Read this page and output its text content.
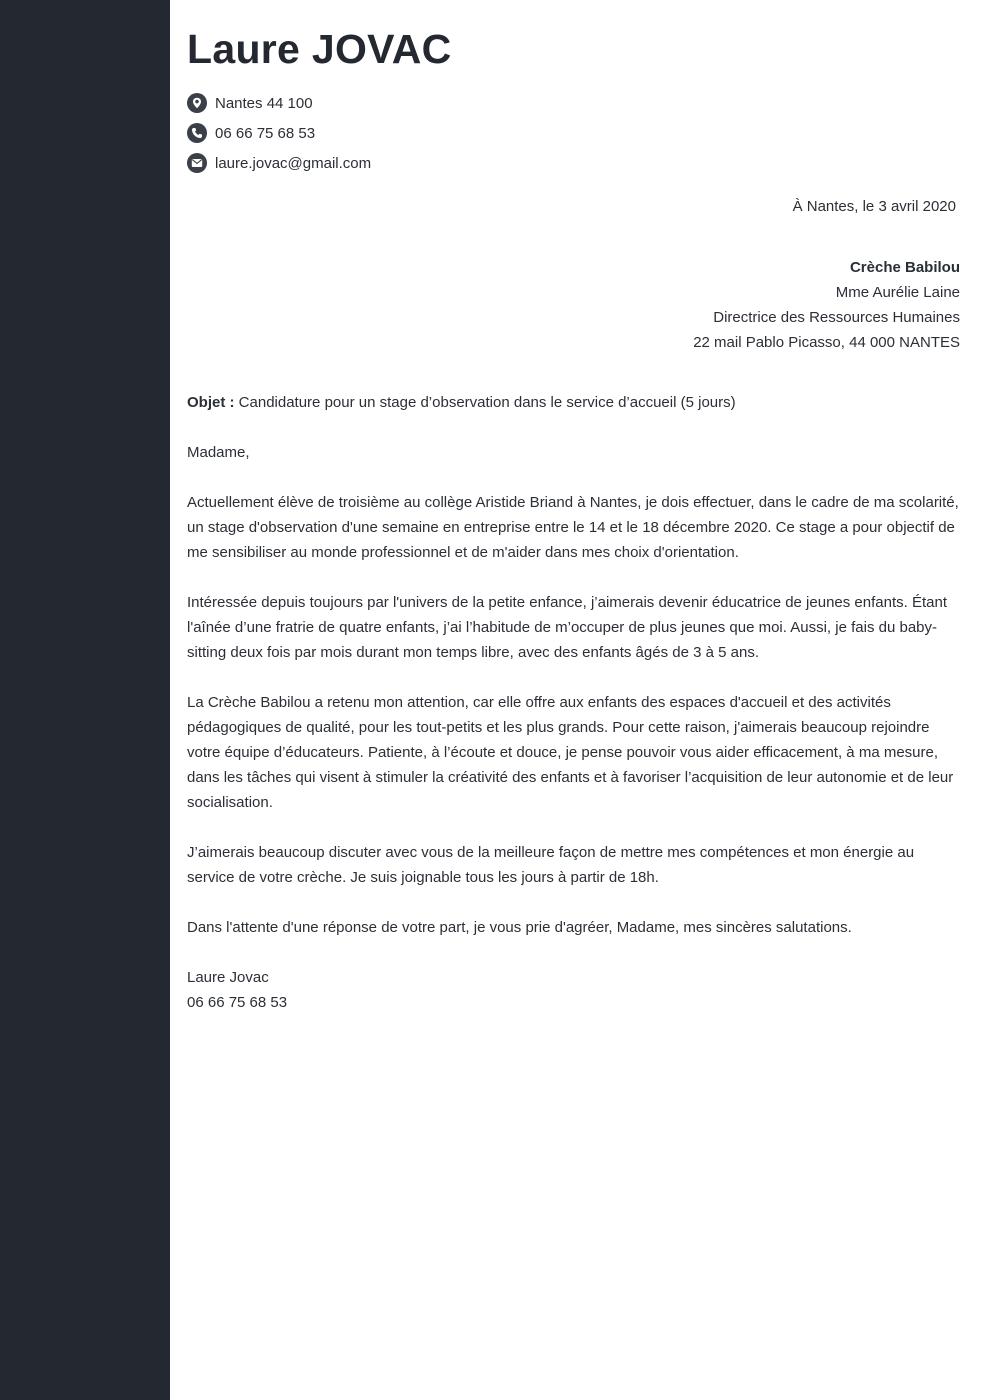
Laure JOVAC
Nantes 44 100
06 66 75 68 53
laure.jovac@gmail.com
À Nantes, le 3 avril 2020
Crèche Babilou
Mme Aurélie Laine
Directrice des Ressources Humaines
22 mail Pablo Picasso, 44 000 NANTES

Objet : Candidature pour un stage d’observation dans le service d’accueil (5 jours)

Madame,

Actuellement élève de troisième au collège Aristide Briand à Nantes, je dois effectuer, dans le cadre de ma scolarité, un stage d'observation d'une semaine en entreprise entre le 14 et le 18 décembre 2020. Ce stage a pour objectif de me sensibiliser au monde professionnel et de m'aider dans mes choix d'orientation.

Intéressée depuis toujours par l'univers de la petite enfance, j’aimerais devenir éducatrice de jeunes enfants. Étant l'aînée d’une fratrie de quatre enfants, j’ai l’habitude de m’occuper de plus jeunes que moi. Aussi, je fais du baby-sitting deux fois par mois durant mon temps libre, avec des enfants âgés de 3 à 5 ans.

La Crèche Babilou a retenu mon attention, car elle offre aux enfants des espaces d'accueil et des activités pédagogiques de qualité, pour les tout-petits et les plus grands. Pour cette raison, j'aimerais beaucoup rejoindre votre équipe d’éducateurs. Patiente, à l’écoute et douce, je pense pouvoir vous aider efficacement, à ma mesure, dans les tâches qui visent à stimuler la créativité des enfants et à favoriser l’acquisition de leur autonomie et de leur socialisation.

J’aimerais beaucoup discuter avec vous de la meilleure façon de mettre mes compétences et mon énergie au service de votre crèche. Je suis joignable tous les jours à partir de 18h.

Dans l'attente d'une réponse de votre part, je vous prie d'agréer, Madame, mes sincères salutations.

Laure Jovac

06 66 75 68 53
